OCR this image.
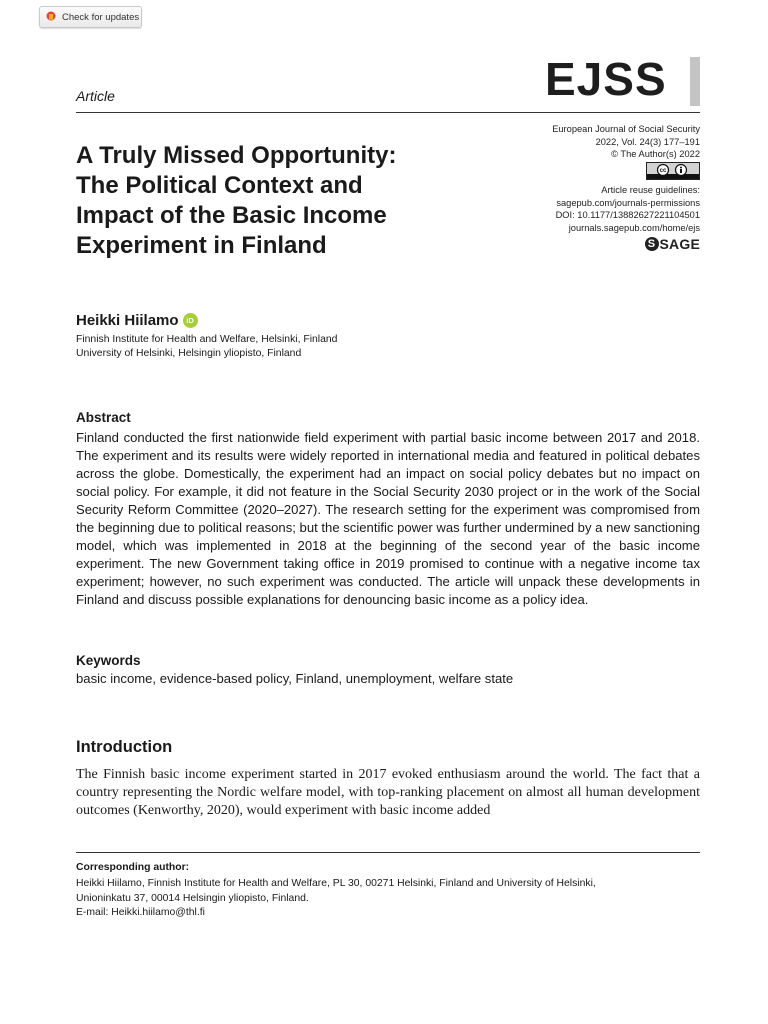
Check for updates
Article	EJSS
A Truly Missed Opportunity:
The Political Context and
Impact of the Basic Income
Experiment in Finland
European Journal of Social Security
2022, Vol. 24(3) 177–191
© The Author(s) 2022
cc
Article reuse guidelines:
sagepub.com/journals-permissions
DOI: 10.1177/13882627221104501
journals.sagepub.com/home/ejs
S SAGE
Heikki Hiilamo	iD
Finnish Institute for Health and Welfare, Helsinki, Finland
University of Helsinki, Helsingin yliopisto, Finland
Abstract
Finland conducted the first nationwide field experiment with partial basic income between 2017 and 2018. The experiment and its results were widely reported in international media and featured in political debates across the globe. Domestically, the experiment had an impact on social policy debates but no impact on social policy. For example, it did not feature in the Social Security 2030 project or in the work of the Social Security Reform Committee (2020–2027). The research setting for the experiment was compromised from the beginning due to political reasons; but the scientific power was further undermined by a new sanctioning model, which was implemented in 2018 at the beginning of the second year of the basic income experiment. The new Government taking office in 2019 promised to continue with a negative income tax experiment; however, no such experiment was conducted. The article will unpack these developments in Finland and discuss possible explanations for denouncing basic income as a policy idea.
Keywords
basic income, evidence-based policy, Finland, unemployment, welfare state
Introduction
The Finnish basic income experiment started in 2017 evoked enthusiasm around the world. The fact that a country representing the Nordic welfare model, with top-ranking placement on almost all human development outcomes (Kenworthy, 2020), would experiment with basic income added
Corresponding author:
Heikki Hiilamo, Finnish Institute for Health and Welfare, PL 30, 00271 Helsinki, Finland and University of Helsinki,
Unioninkatu 37, 00014 Helsingin yliopisto, Finland.
E-mail: Heikki.hiilamo@thl.fi
